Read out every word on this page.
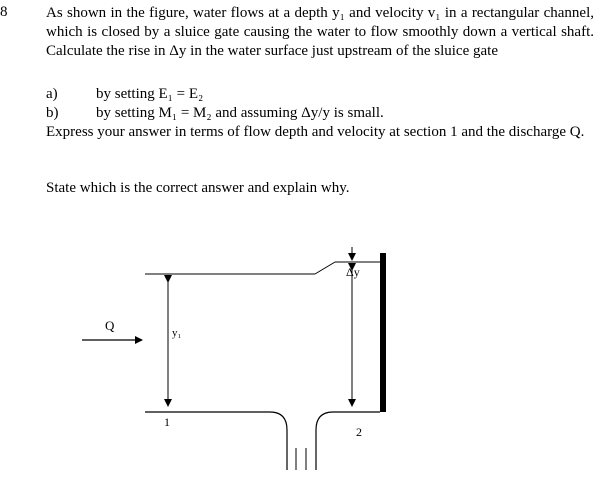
8	As shown in the figure, water flows at a depth y₁ and velocity v₁ in a rectangular channel, which is closed by a sluice gate causing the water to flow smoothly down a vertical shaft. Calculate the rise in Δy in the water surface just upstream of the sluice gate

a)	by setting E₁ = E₂
b)	by setting M₁ = M₂ and assuming Δy/y is small.

Express your answer in terms of flow depth and velocity at section 1 and the discharge Q.

State which is the correct answer and explain why.
Q	y₁
Δy
1
2
